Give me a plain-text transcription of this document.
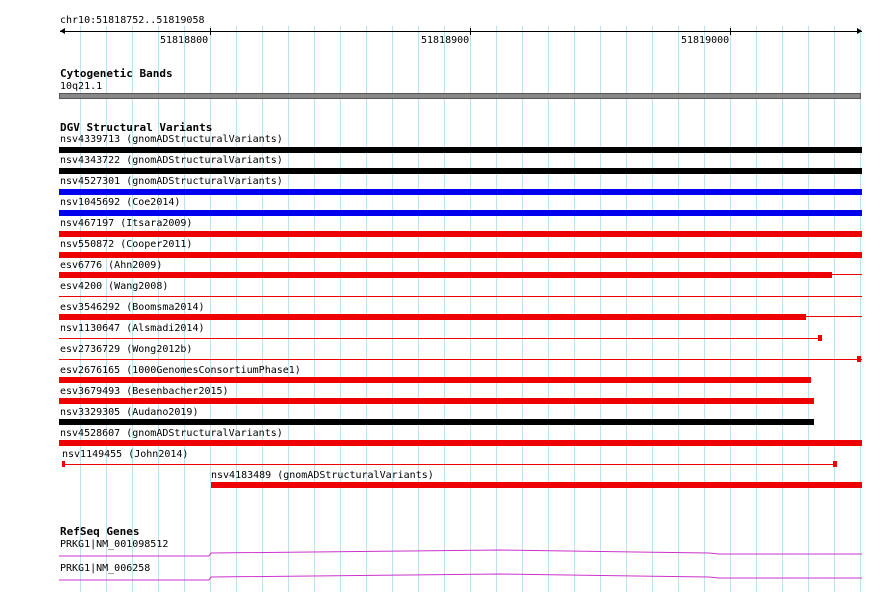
chr10:51818752..51819058
51818800	51818900	51819000
Cytogenetic Bands
10q21.1
DGV Structural Variants
nsv4339713 (gnomADStructuralVariants)
nsv4343722 (gnomADStructuralVariants)
nsv4527301 (gnomADStructuralVariants)
nsv1045692 (Coe2014)
nsv467197 (Itsara2009)
nsv550872 (Cooper2011)
esv6776 (Ahn2009)
esv4200 (Wang2008)
esv3546292 (Boomsma2014)
nsv1130647 (Alsmadi2014)
esv2736729 (Wong2012b)
esv2676165 (1000GenomesConsortiumPhase1)
esv3679493 (Besenbacher2015)
nsv3329305 (Audano2019)
nsv4528607 (gnomADStructuralVariants)
nsv1149455 (John2014)
nsv4183489 (gnomADStructuralVariants)
RefSeq Genes
PRKG1|NM_001098512
PRKG1|NM_006258
